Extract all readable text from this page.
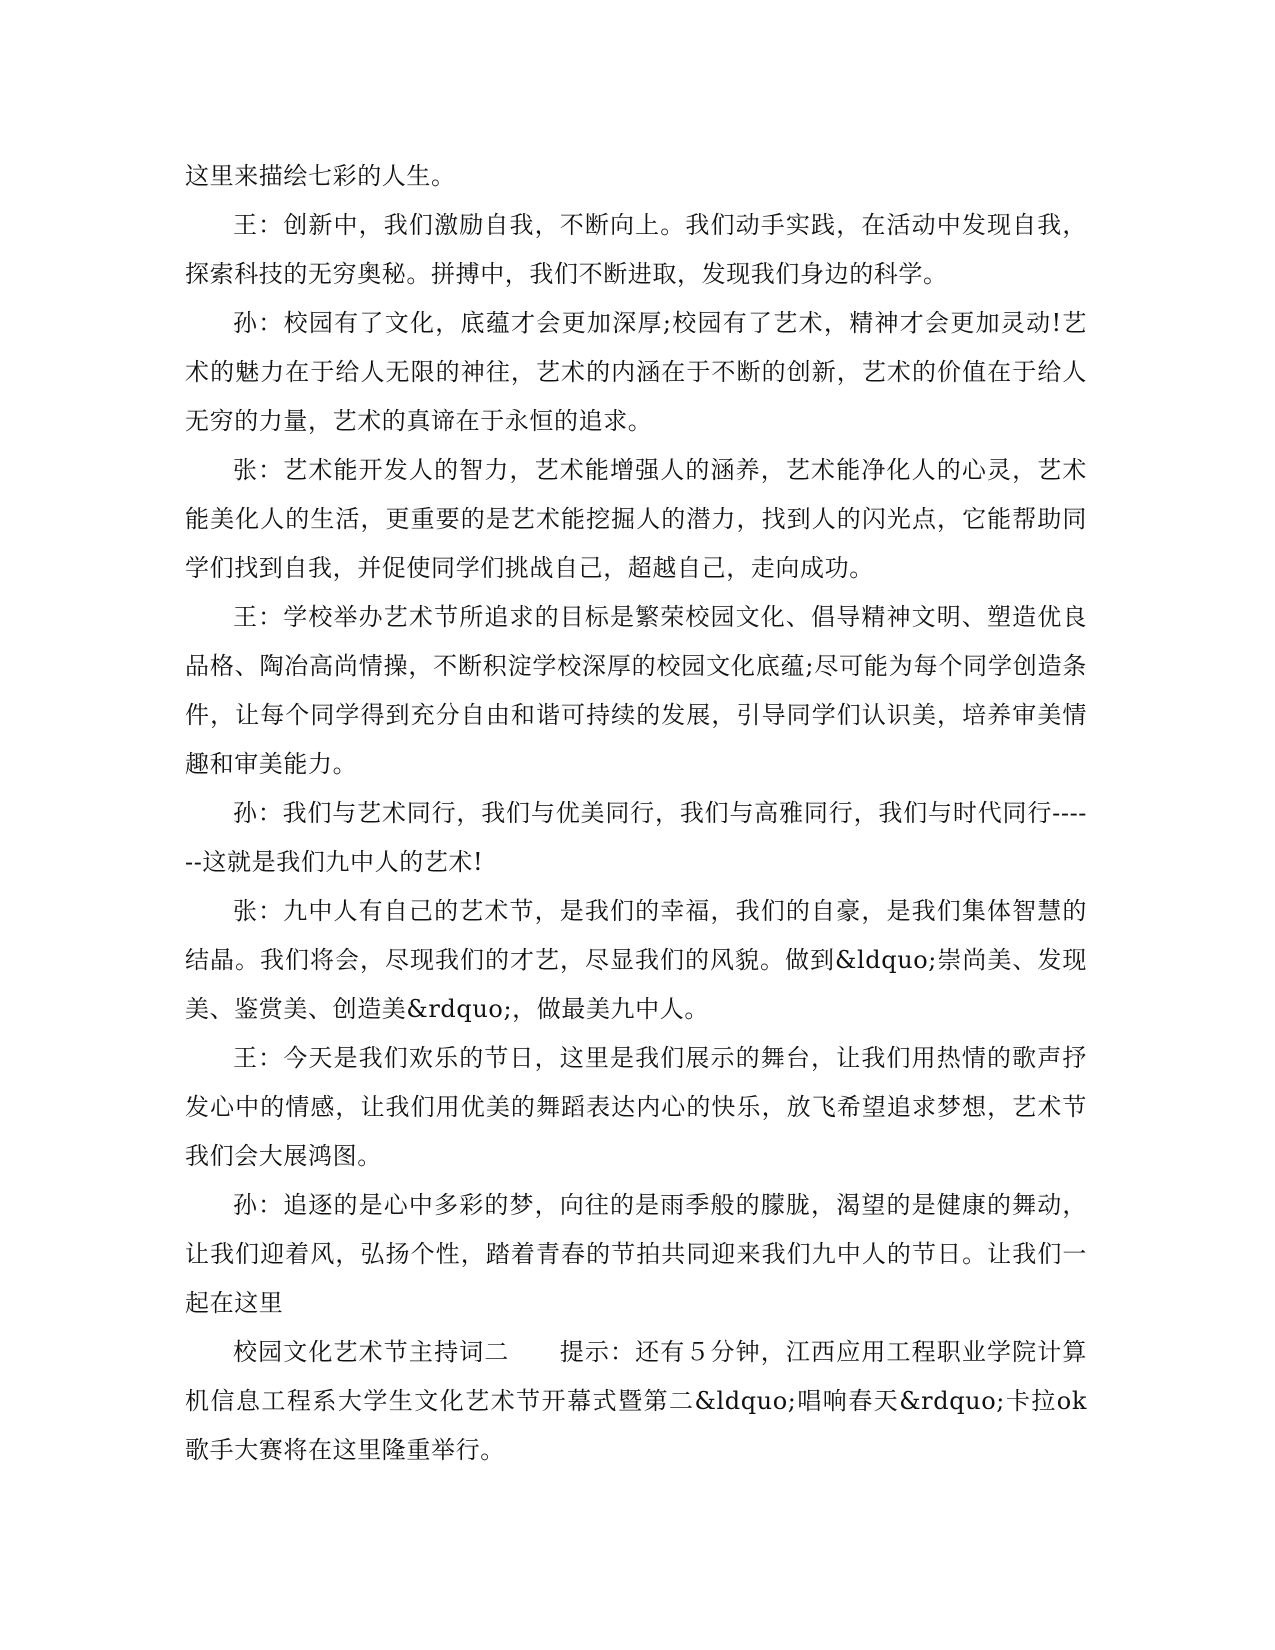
这里来描绘七彩的人生。

王：创新中，我们激励自我，不断向上。我们动手实践，在活动中发现自我，探索科技的无穷奥秘。拼搏中，我们不断进取，发现我们身边的科学。

孙：校园有了文化，底蕴才会更加深厚;校园有了艺术，精神才会更加灵动!艺术的魅力在于给人无限的神往，艺术的内涵在于不断的创新，艺术的价值在于给人无穷的力量，艺术的真谛在于永恒的追求。

张：艺术能开发人的智力，艺术能增强人的涵养，艺术能净化人的心灵，艺术能美化人的生活，更重要的是艺术能挖掘人的潜力，找到人的闪光点，它能帮助同学们找到自我，并促使同学们挑战自己，超越自己，走向成功。

王：学校举办艺术节所追求的目标是繁荣校园文化、倡导精神文明、塑造优良品格、陶冶高尚情操，不断积淀学校深厚的校园文化底蕴;尽可能为每个同学创造条件，让每个同学得到充分自由和谐可持续的发展，引导同学们认识美，培养审美情趣和审美能力。

孙：我们与艺术同行，我们与优美同行，我们与高雅同行，我们与时代同行------这就是我们九中人的艺术!

张：九中人有自己的艺术节，是我们的幸福，我们的自豪，是我们集体智慧的结晶。我们将会，尽现我们的才艺，尽显我们的风貌。做到&ldquo;崇尚美、发现美、鉴赏美、创造美&rdquo;，做最美九中人。

王：今天是我们欢乐的节日，这里是我们展示的舞台，让我们用热情的歌声抒发心中的情感，让我们用优美的舞蹈表达内心的快乐，放飞希望追求梦想，艺术节我们会大展鸿图。

孙：追逐的是心中多彩的梦，向往的是雨季般的朦胧，渴望的是健康的舞动，让我们迎着风，弘扬个性，踏着青春的节拍共同迎来我们九中人的节日。让我们一起在这里

校园文化艺术节主持词二　　提示：还有５分钟，江西应用工程职业学院计算机信息工程系大学生文化艺术节开幕式暨第二&ldquo;唱响春天&rdquo;卡拉ok歌手大赛将在这里隆重举行。
